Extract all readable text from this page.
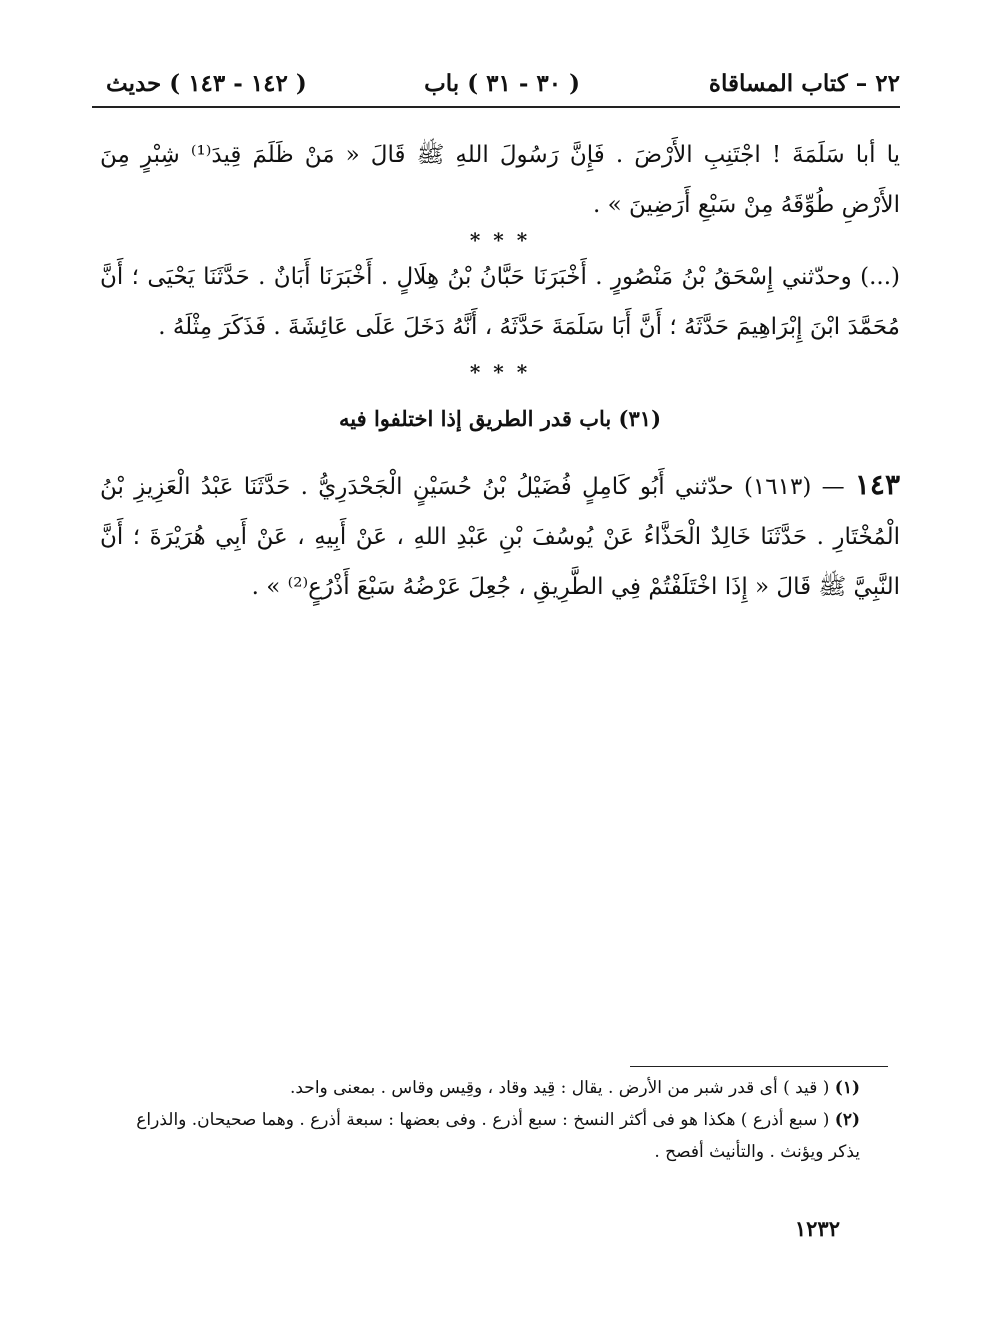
٢٢ – كتاب المساقاة
( ٣٠ - ٣١ ) باب
( ١٤٢ - ١٤٣ ) حديث
يا أبا سَلَمَةَ ! اجْتَنِبِ الأَرْضَ . فَإِنَّ رَسُولَ اللهِ ﷺ قَالَ « مَنْ ظَلَمَ قِيدَ⁽¹⁾ شِبْرٍ مِنَ الأَرْضِ طُوِّقَهُ مِنْ سَبْعِ أَرَضِينَ » .
* * *
(...) وحدّثني إِسْحَقُ بْنُ مَنْصُورٍ . أَخْبَرَنَا حَبَّانُ بْنُ هِلَالٍ . أَخْبَرَنَا أَبَانٌ . حَدَّثَنَا يَحْيَى ؛ أَنَّ مُحَمَّدَ ابْنَ إِبْرَاهِيمَ حَدَّثَهُ ؛ أَنَّ أَبَا سَلَمَةَ حَدَّثَهُ ، أَنَّهُ دَخَلَ عَلَى عَائِشَةَ . فَذَكَرَ مِثْلَهُ .
* * *
(٣١) باب قدر الطريق إذا اختلفوا فيه
١٤٣ — (١٦١٣) حدّثني أَبُو كَامِلٍ فُضَيْلُ بْنُ حُسَيْنٍ الْجَحْدَرِيُّ . حَدَّثَنَا عَبْدُ الْعَزِيزِ بْنُ الْمُخْتَارِ . حَدَّثَنَا خَالِدٌ الْحَذَّاءُ عَنْ يُوسُفَ بْنِ عَبْدِ اللهِ ، عَنْ أَبِيهِ ، عَنْ أَبِي هُرَيْرَةَ ؛ أَنَّ النَّبِيَّ ﷺ قَالَ « إِذَا اخْتَلَفْتُمْ فِي الطَّرِيقِ ، جُعِلَ عَرْضُهُ سَبْعَ أَذْرُعٍ⁽²⁾ » .

(١) ( قيد ) أى قدر شبر من الأرض . يقال : قِيد وقاد ، وقِيس وقاس . بمعنى واحد.

(٢) ( سبع أذرع ) هكذا هو فى أكثر النسخ : سبع أذرع . وفى بعضها : سبعة أذرع . وهما صحيحان. والذراع يذكر ويؤنث . والتأنيث أفصح .

١٢٣٢
